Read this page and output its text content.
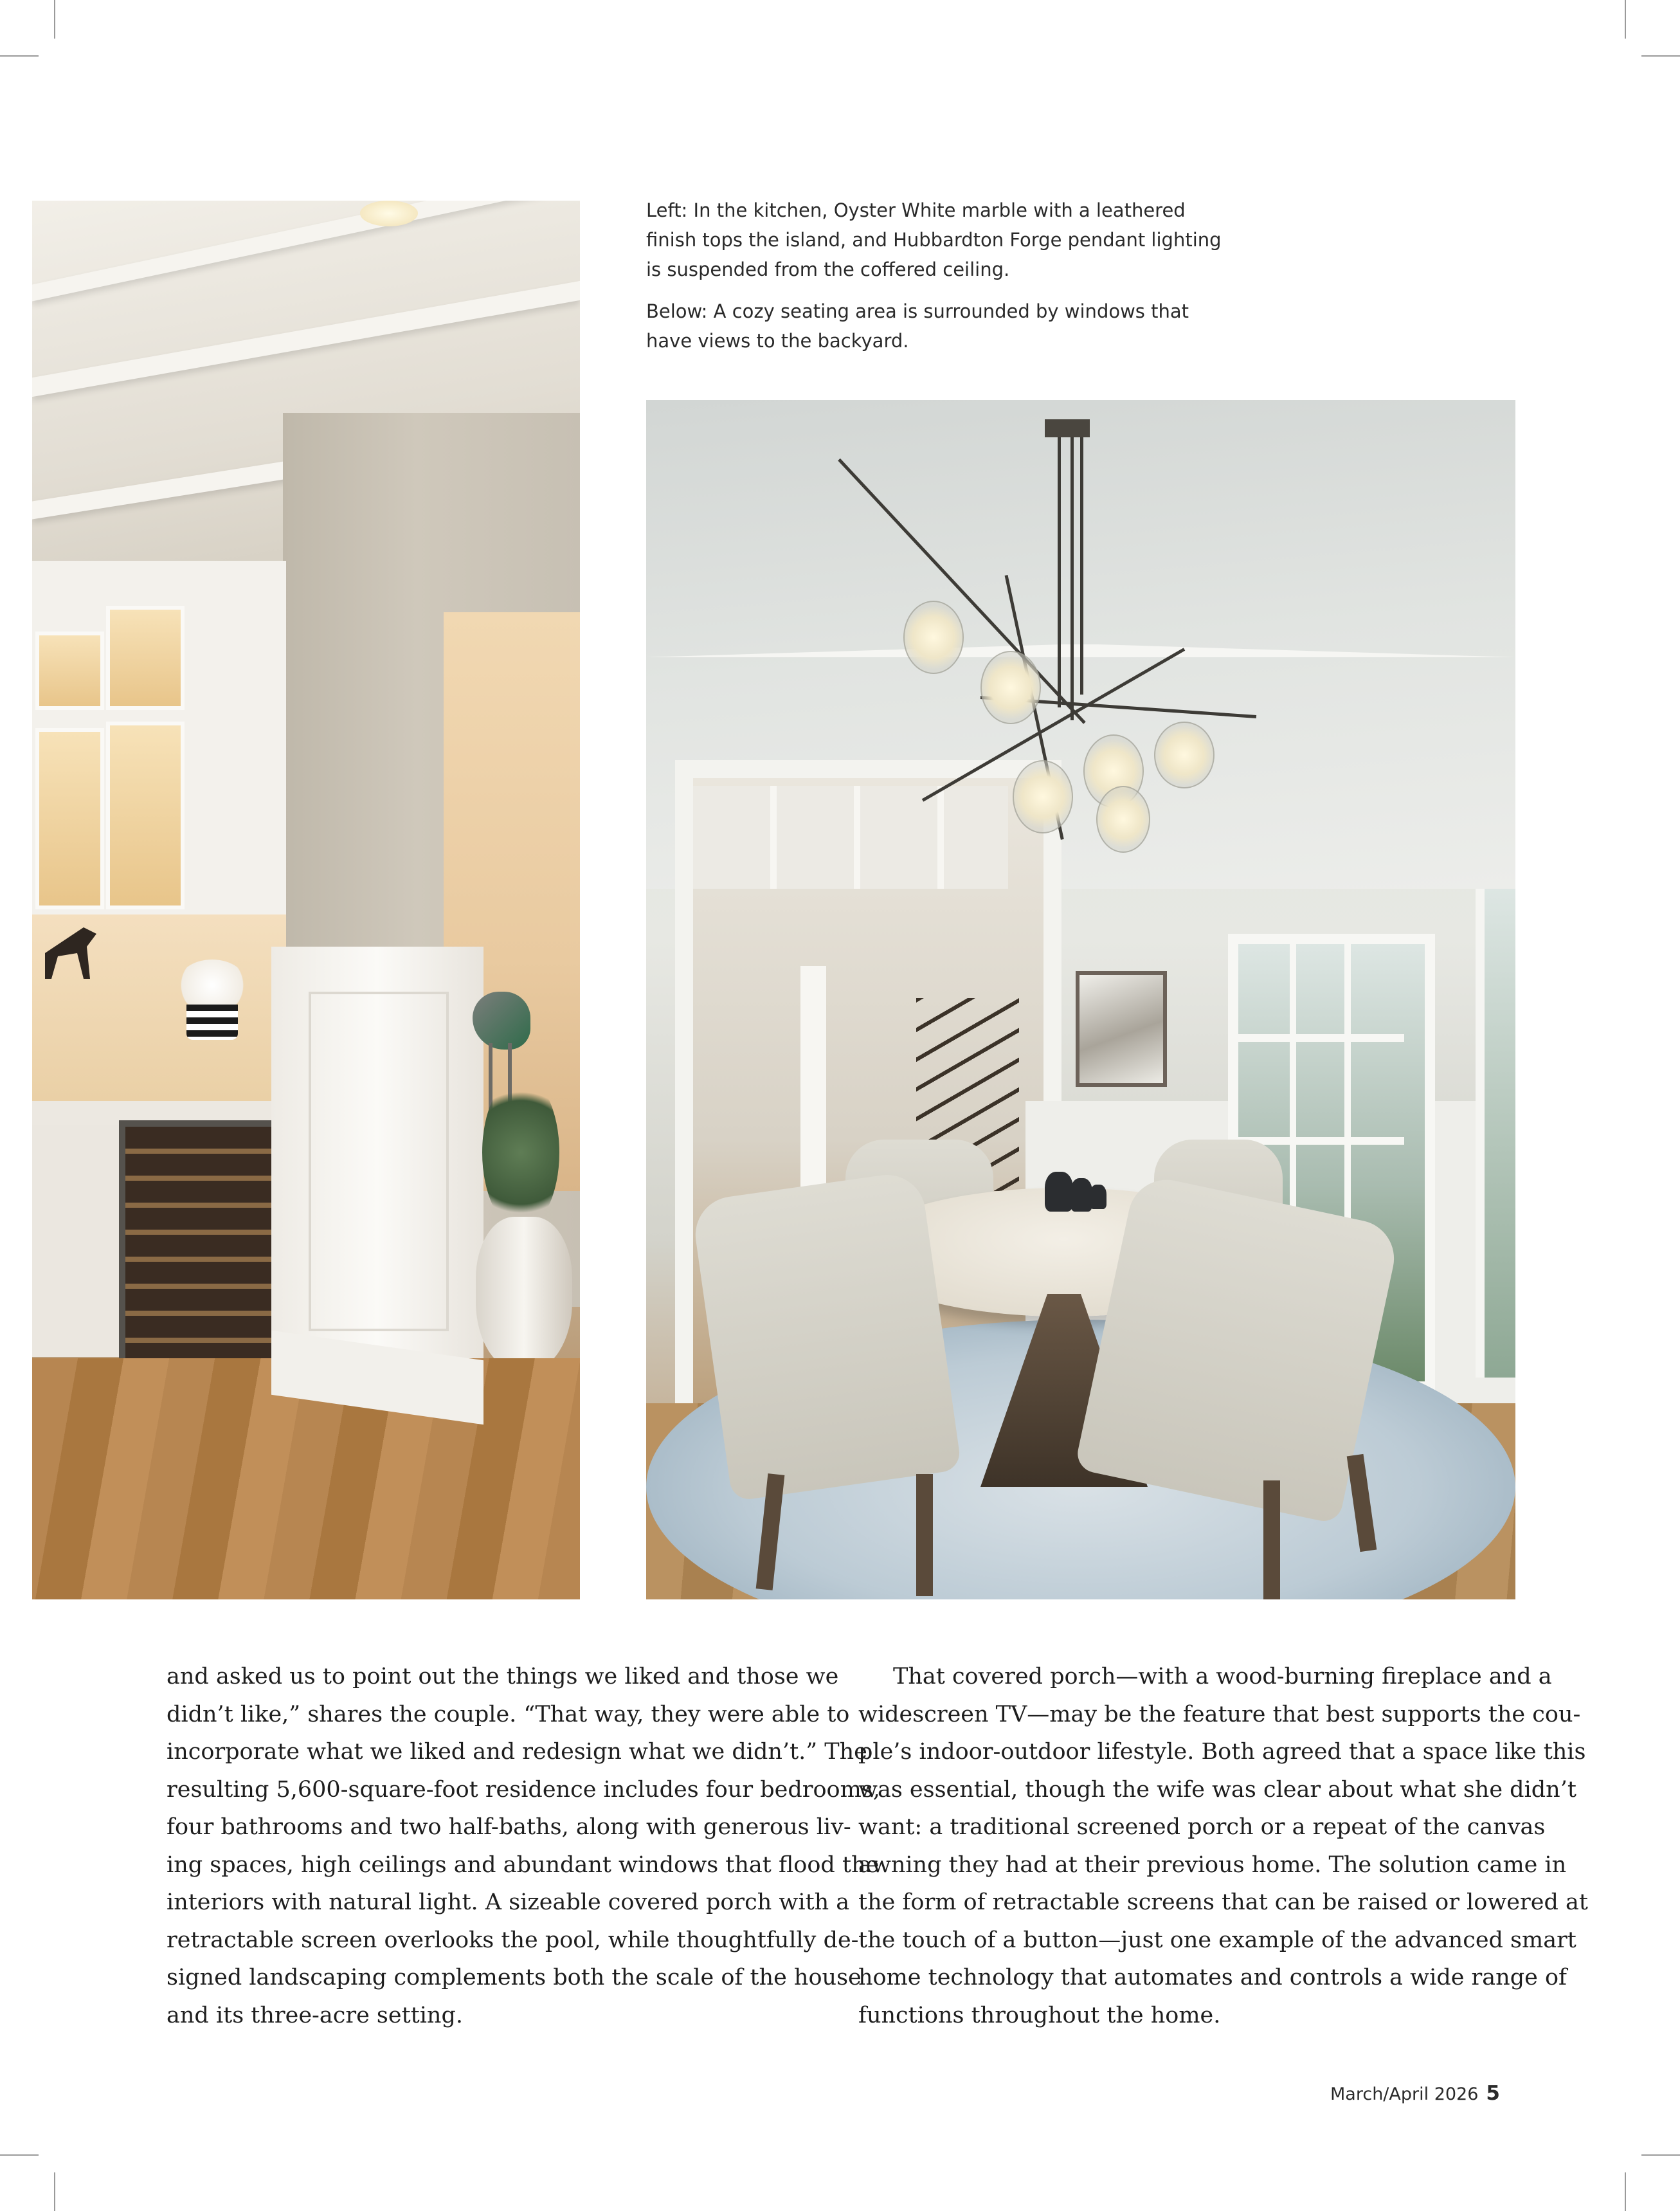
Left: In the kitchen, Oyster White marble with a leathered
finish tops the island, and Hubbardton Forge pendant lighting
is suspended from the coffered ceiling.
Below: A cozy seating area is surrounded by windows that
have views to the backyard.
and asked us to point out the things we liked and those we
didn’t like,” shares the couple. “That way, they were able to
incorporate what we liked and redesign what we didn’t.” The
resulting 5,600-square-foot residence includes four bedrooms,
four bathrooms and two half-baths, along with generous liv-
ing spaces, high ceilings and abundant windows that flood the
interiors with natural light. A sizeable covered porch with a
retractable screen overlooks the pool, while thoughtfully de-
signed landscaping complements both the scale of the house
and its three-acre setting.
That covered porch—with a wood-burning fireplace and a
widescreen TV—may be the feature that best supports the cou-
ple’s indoor-outdoor lifestyle. Both agreed that a space like this
was essential, though the wife was clear about what she didn’t
want: a traditional screened porch or a repeat of the canvas
awning they had at their previous home. The solution came in
the form of retractable screens that can be raised or lowered at
the touch of a button—just one example of the advanced smart
home technology that automates and controls a wide range of
functions throughout the home.
March/April 2026 5
